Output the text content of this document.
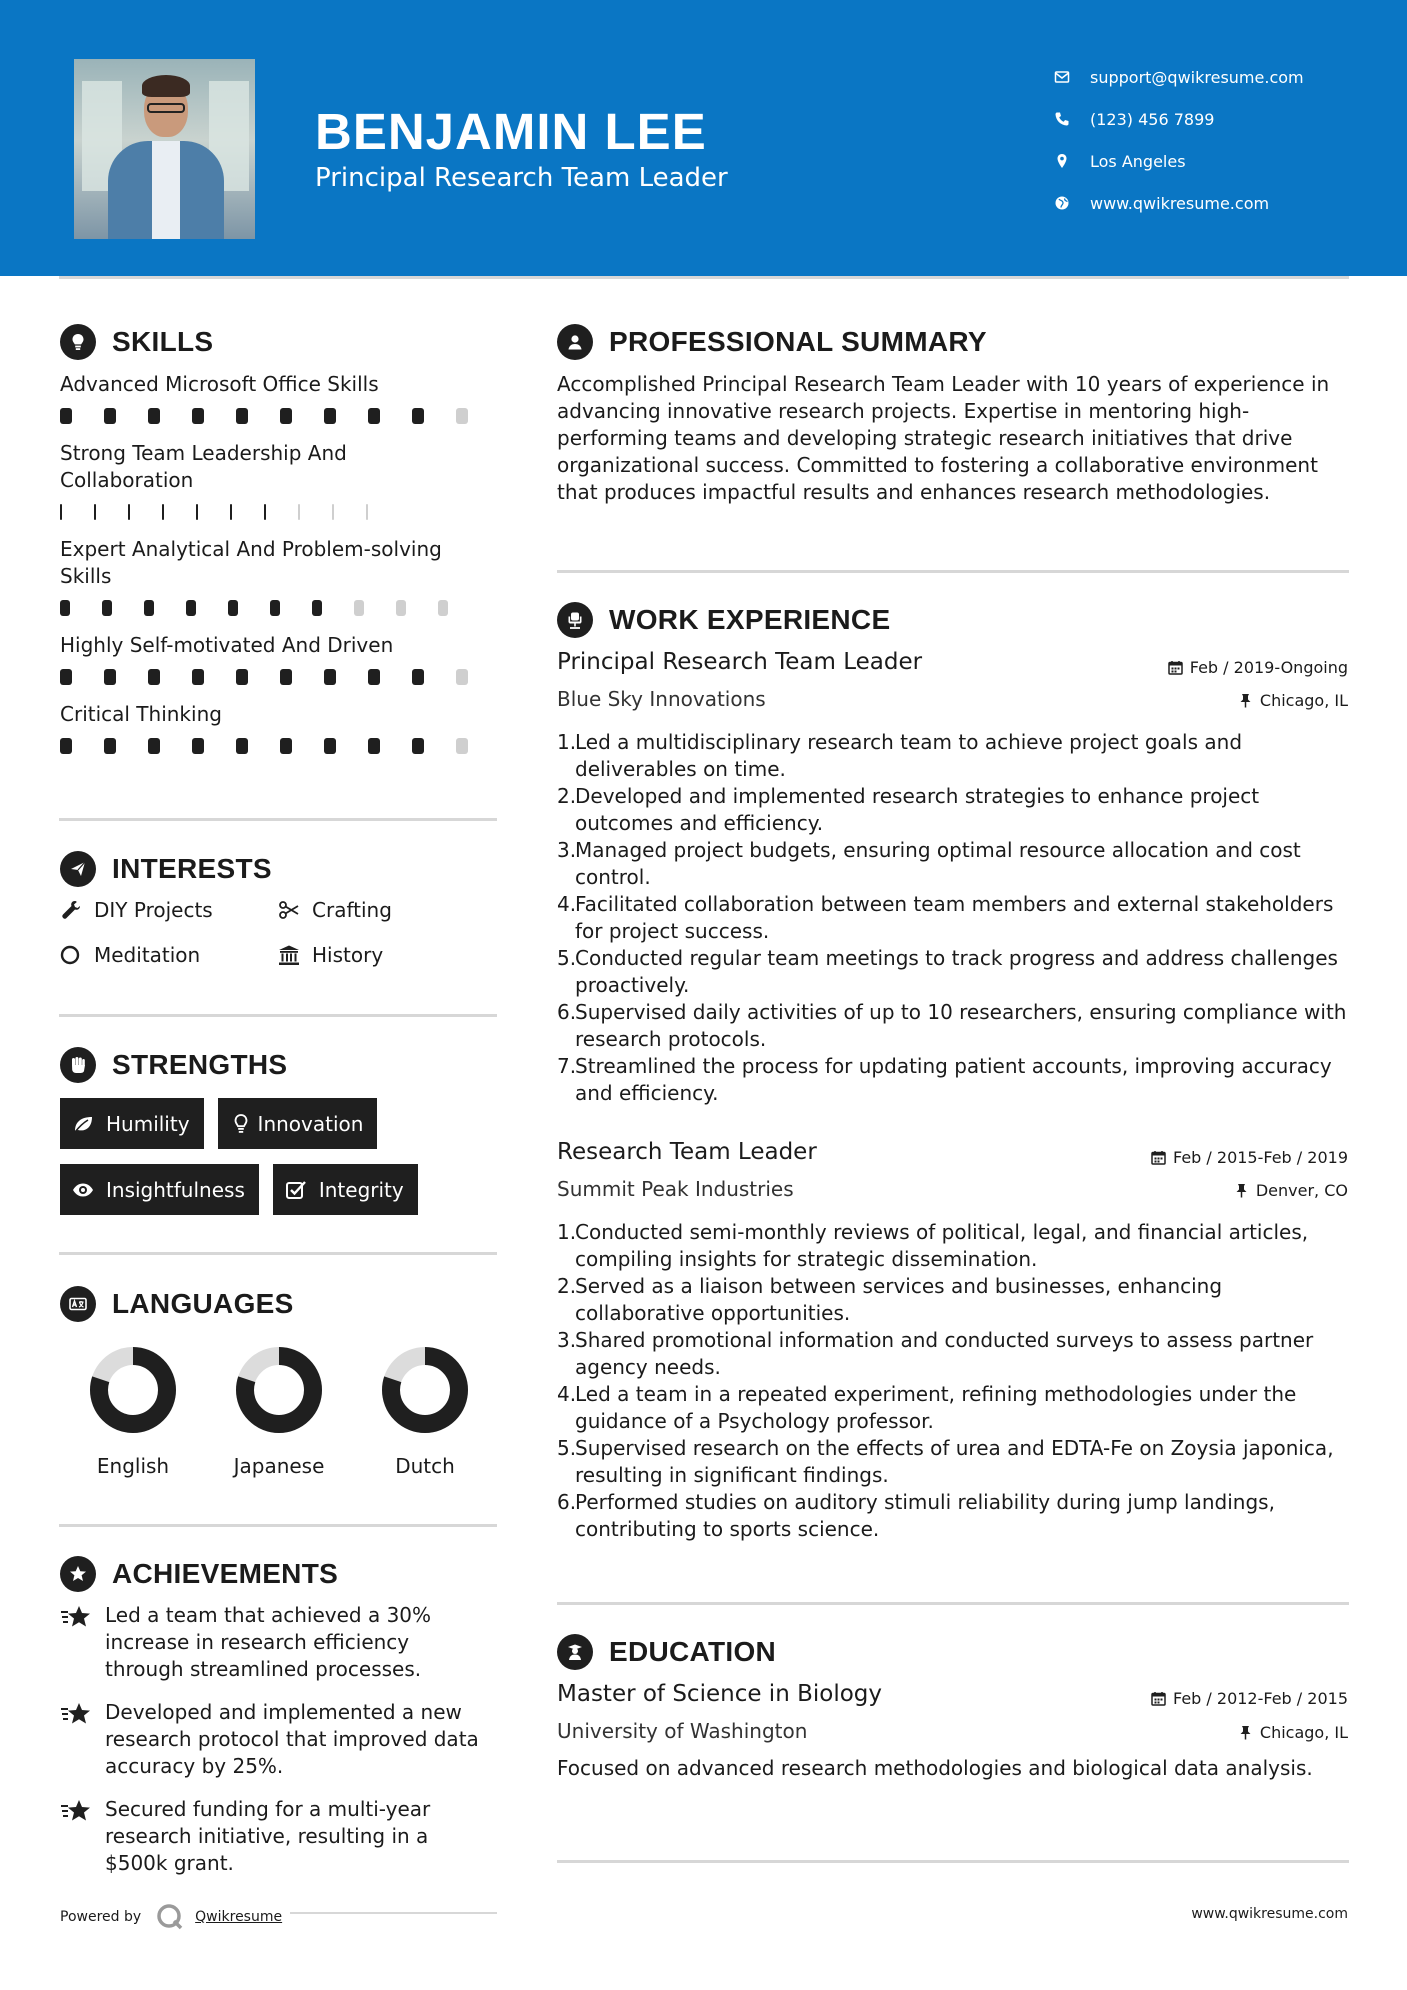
BENJAMIN LEE
Principal Research Team Leader
support@qwikresume.com
(123) 456 7899
Los Angeles
www.qwikresume.com
SKILLS
Advanced Microsoft Office Skills
Strong Team Leadership And Collaboration
Expert Analytical And Problem-solving Skills
Highly Self-motivated And Driven
Critical Thinking
INTERESTS
DIY Projects	Crafting
Meditation	History
STRENGTHS
Humility	Innovation
Insightfulness	Integrity
LANGUAGES
English	Japanese	Dutch
ACHIEVEMENTS
Led a team that achieved a 30% increase in research efficiency through streamlined processes.
Developed and implemented a new research protocol that improved data accuracy by 25%.
Secured funding for a multi-year research initiative, resulting in a $500k grant.
Powered by	Qwikresume	www.qwikresume.com
PROFESSIONAL SUMMARY
Accomplished Principal Research Team Leader with 10 years of experience in advancing innovative research projects. Expertise in mentoring high-performing teams and developing strategic research initiatives that drive organizational success. Committed to fostering a collaborative environment that produces impactful results and enhances research methodologies.
WORK EXPERIENCE
Principal Research Team Leader	Feb / 2019-Ongoing
Blue Sky Innovations	Chicago, IL
1.
Led a multidisciplinary research team to achieve project goals and deliverables on time.
2.
Developed and implemented research strategies to enhance project outcomes and efficiency.
3.
Managed project budgets, ensuring optimal resource allocation and cost control.
4.
Facilitated collaboration between team members and external stakeholders for project success.
5.
Conducted regular team meetings to track progress and address challenges proactively.
6.
Supervised daily activities of up to 10 researchers, ensuring compliance with research protocols.
7.
Streamlined the process for updating patient accounts, improving accuracy and efficiency.
Research Team Leader	Feb / 2015-Feb / 2019
Summit Peak Industries	Denver, CO
1.
Conducted semi-monthly reviews of political, legal, and financial articles, compiling insights for strategic dissemination.
2.
Served as a liaison between services and businesses, enhancing collaborative opportunities.
3.
Shared promotional information and conducted surveys to assess partner agency needs.
4.
Led a team in a repeated experiment, refining methodologies under the guidance of a Psychology professor.
5.
Supervised research on the effects of urea and EDTA-Fe on Zoysia japonica, resulting in significant findings.
6.
Performed studies on auditory stimuli reliability during jump landings, contributing to sports science.
EDUCATION
Master of Science in Biology	Feb / 2012-Feb / 2015
University of Washington	Chicago, IL
Focused on advanced research methodologies and biological data analysis.
